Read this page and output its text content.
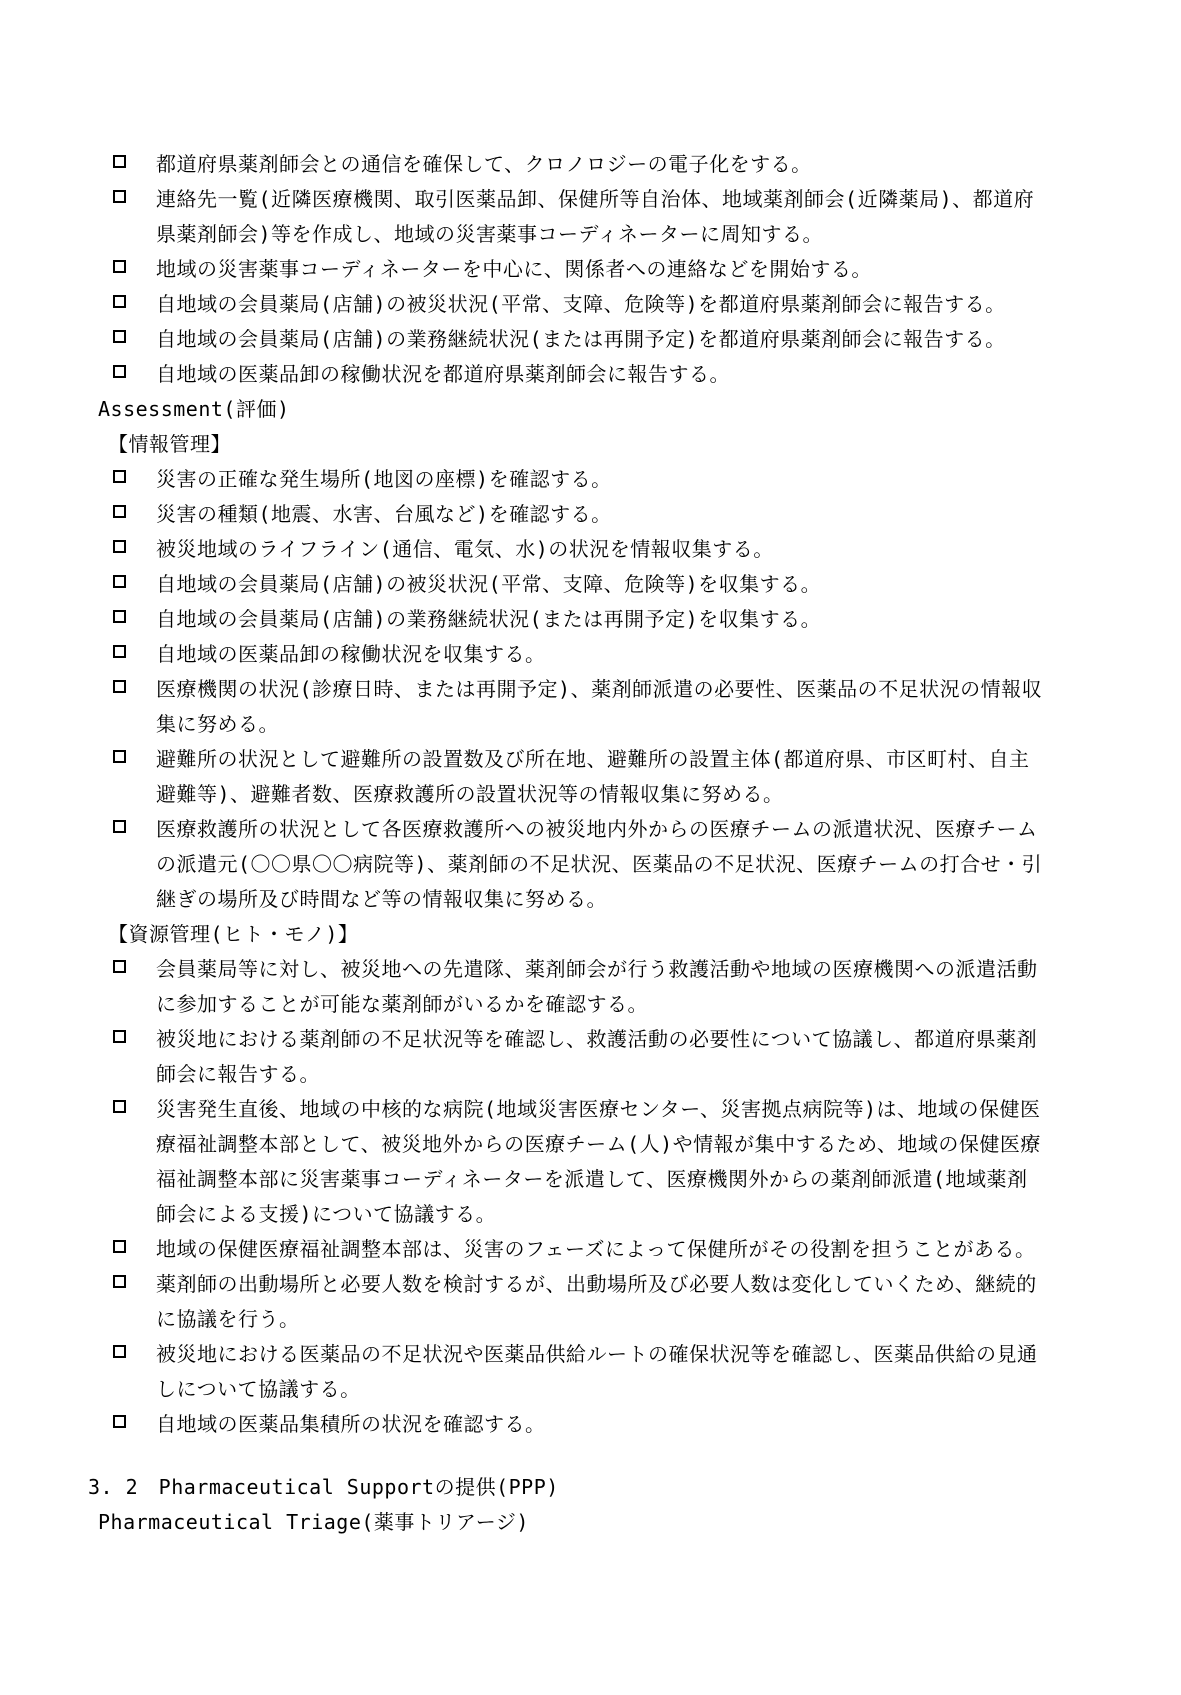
都道府県薬剤師会との通信を確保して、クロノロジーの電子化をする。
連絡先一覧(近隣医療機関、取引医薬品卸、保健所等自治体、地域薬剤師会(近隣薬局)、都道府
県薬剤師会)等を作成し、地域の災害薬事コーディネーターに周知する。
地域の災害薬事コーディネーターを中心に、関係者への連絡などを開始する。
自地域の会員薬局(店舗)の被災状況(平常、支障、危険等)を都道府県薬剤師会に報告する。
自地域の会員薬局(店舗)の業務継続状況(または再開予定)を都道府県薬剤師会に報告する。
自地域の医薬品卸の稼働状況を都道府県薬剤師会に報告する。
Assessment(評価)
【情報管理】
災害の正確な発生場所(地図の座標)を確認する。
災害の種類(地震、水害、台風など)を確認する。
被災地域のライフライン(通信、電気、水)の状況を情報収集する。
自地域の会員薬局(店舗)の被災状況(平常、支障、危険等)を収集する。
自地域の会員薬局(店舗)の業務継続状況(または再開予定)を収集する。
自地域の医薬品卸の稼働状況を収集する。
医療機関の状況(診療日時、または再開予定)、薬剤師派遣の必要性、医薬品の不足状況の情報収
集に努める。
避難所の状況として避難所の設置数及び所在地、避難所の設置主体(都道府県、市区町村、自主
避難等)、避難者数、医療救護所の設置状況等の情報収集に努める。
医療救護所の状況として各医療救護所への被災地内外からの医療チームの派遣状況、医療チーム
の派遣元(〇〇県〇〇病院等)、薬剤師の不足状況、医薬品の不足状況、医療チームの打合せ・引
継ぎの場所及び時間など等の情報収集に努める。
【資源管理(ヒト・モノ)】
会員薬局等に対し、被災地への先遣隊、薬剤師会が行う救護活動や地域の医療機関への派遣活動
に参加することが可能な薬剤師がいるかを確認する。
被災地における薬剤師の不足状況等を確認し、救護活動の必要性について協議し、都道府県薬剤
師会に報告する。
災害発生直後、地域の中核的な病院(地域災害医療センター、災害拠点病院等)は、地域の保健医
療福祉調整本部として、被災地外からの医療チーム(人)や情報が集中するため、地域の保健医療
福祉調整本部に災害薬事コーディネーターを派遣して、医療機関外からの薬剤師派遣(地域薬剤
師会による支援)について協議する。
地域の保健医療福祉調整本部は、災害のフェーズによって保健所がその役割を担うことがある。
薬剤師の出動場所と必要人数を検討するが、出動場所及び必要人数は変化していくため、継続的
に協議を行う。
被災地における医薬品の不足状況や医薬品供給ルートの確保状況等を確認し、医薬品供給の見通
しについて協議する。
自地域の医薬品集積所の状況を確認する。
3. 2　Pharmaceutical Supportの提供(PPP)
Pharmaceutical Triage(薬事トリアージ)
